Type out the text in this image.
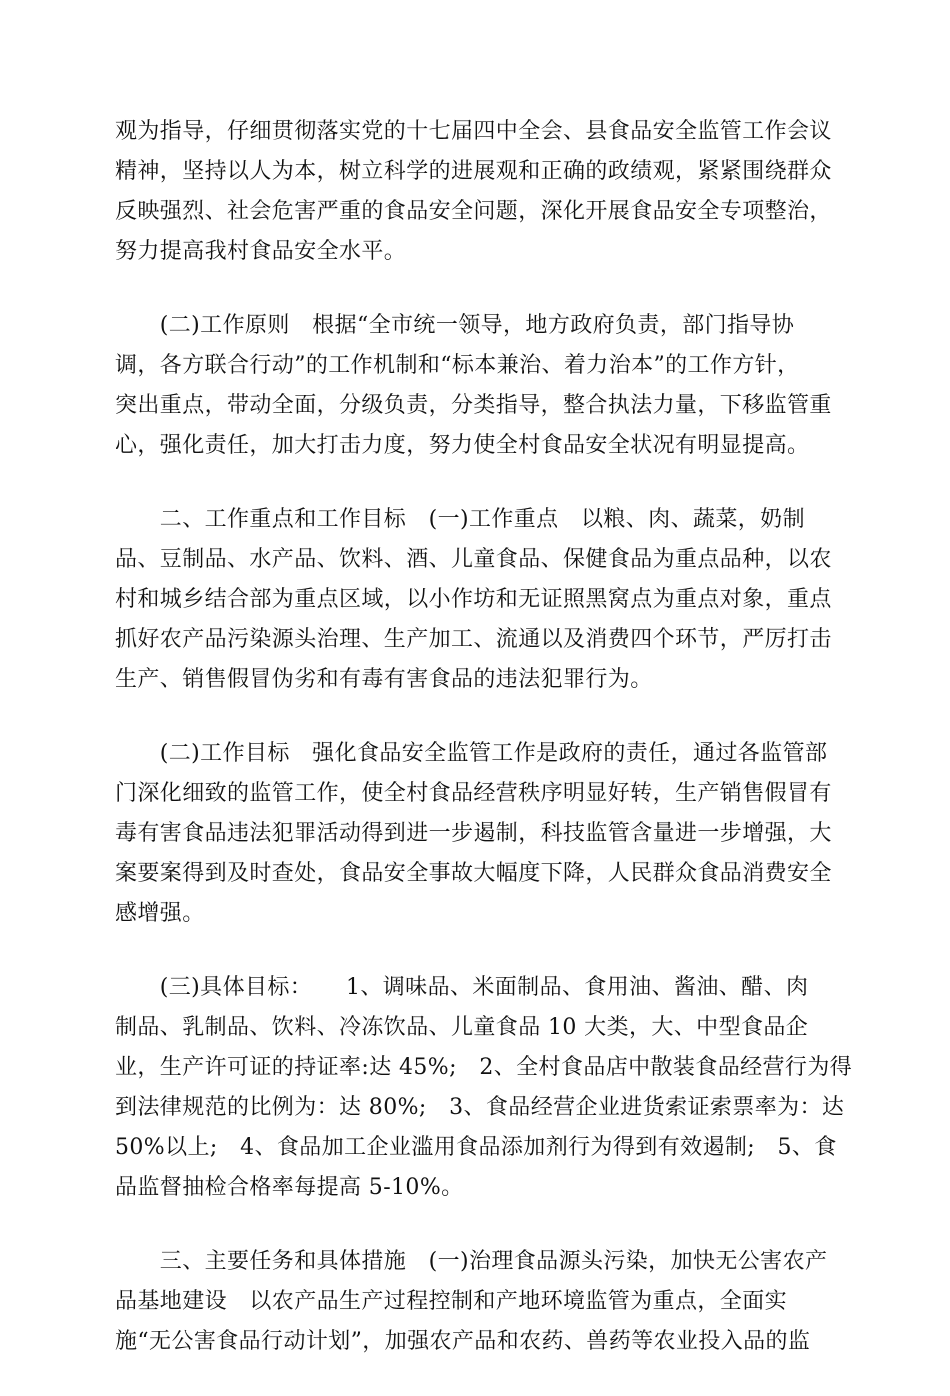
观为指导，仔细贯彻落实党的十七届四中全会、县食品安全监管工作会议
精神，坚持以人为本，树立科学的进展观和正确的政绩观，紧紧围绕群众
反映强烈、社会危害严重的食品安全问题，深化开展食品安全专项整治，
努力提高我村食品安全水平。

　　(二)工作原则　根据“全市统一领导，地方政府负责，部门指导协
调，各方联合行动”的工作机制和“标本兼治、着力治本”的工作方针，
突出重点，带动全面，分级负责，分类指导，整合执法力量，下移监管重
心，强化责任，加大打击力度，努力使全村食品安全状况有明显提高。

　　二、工作重点和工作目标　(一)工作重点　以粮、肉、蔬菜，奶制
品、豆制品、水产品、饮料、酒、儿童食品、保健食品为重点品种，以农
村和城乡结合部为重点区域，以小作坊和无证照黑窝点为重点对象，重点
抓好农产品污染源头治理、生产加工、流通以及消费四个环节，严厉打击
生产、销售假冒伪劣和有毒有害食品的违法犯罪行为。

　　(二)工作目标　强化食品安全监管工作是政府的责任，通过各监管部
门深化细致的监管工作，使全村食品经营秩序明显好转，生产销售假冒有
毒有害食品违法犯罪活动得到进一步遏制，科技监管含量进一步增强，大
案要案得到及时查处，食品安全事故大幅度下降，人民群众食品消费安全
感增强。

　　(三)具体目标：　　1、调味品、米面制品、食用油、酱油、醋、肉
制品、乳制品、饮料、冷冻饮品、儿童食品 10 大类，大、中型食品企
业，生产许可证的持证率:达 45%;　2、全村食品店中散装食品经营行为得
到法律规范的比例为：达 80%;　3、食品经营企业进货索证索票率为：达
50%以上;　4、食品加工企业滥用食品添加剂行为得到有效遏制;　5、食
品监督抽检合格率每提高 5-10%。

　　三、主要任务和具体措施　(一)治理食品源头污染，加快无公害农产
品基地建设　以农产品生产过程控制和产地环境监管为重点，全面实
施“无公害食品行动计划”，加强农产品和农药、兽药等农业投入品的监
